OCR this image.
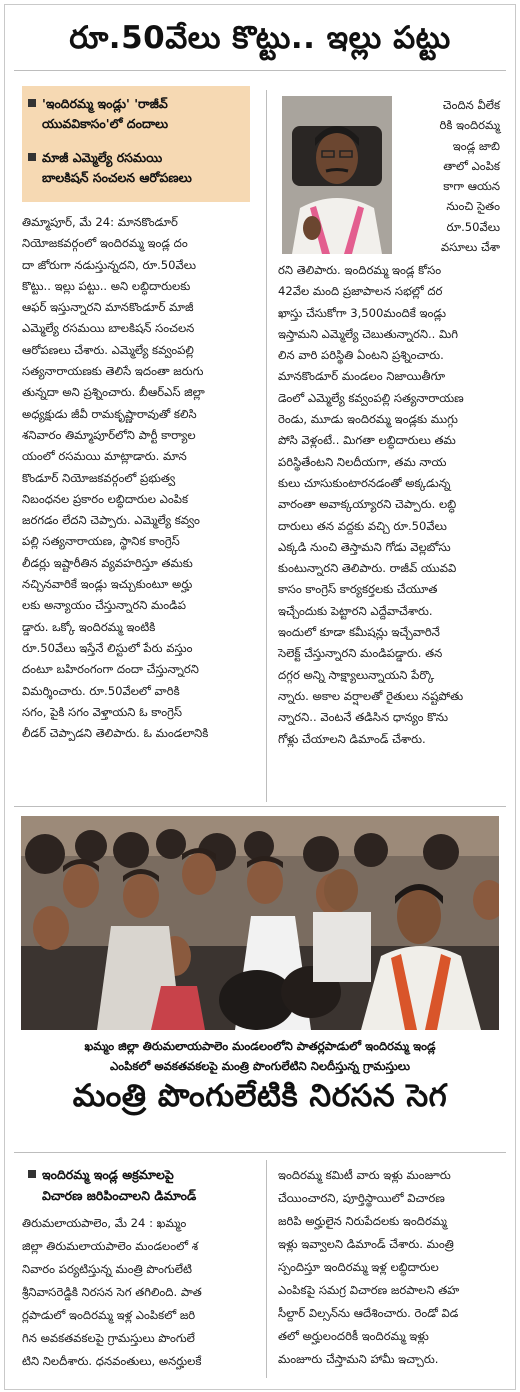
రూ.50వేలు కొట్టు.. ఇల్లు పట్టు
'ఇందిరమ్మ ఇండ్లు' 'రాజీవ్
యువవికాసం'లో దందాలు
మాజీ ఎమ్మెల్యే రసమయి
బాలకిషన్ సంచలన ఆరోపణలు
తిమ్మాపూర్, మే 24: మానకొండూర్
నియోజకవర్గంలో ఇందిరమ్మ ఇండ్ల దం
దా జోరుగా నడుస్తున్నదని, రూ.50వేలు
కొట్టు.. ఇల్లు పట్టు.. అని లబ్ధిదారులకు
ఆఫర్ ఇస్తున్నారని మానకొండూర్ మాజీ
ఎమ్మెల్యే రసమయి బాలకిషన్ సంచలన
ఆరోపణలు చేశారు. ఎమ్మెల్యే కవ్వంపల్లి
సత్యనారాయణకు తెలిసే ఇదంతా జరుగు
తున్నదా అని ప్రశ్నించారు. బీఆర్ఎస్ జిల్లా
అధ్యక్షుడు జీవీ రామకృష్ణారావుతో కలిసి
శనివారం తిమ్మాపూర్‌లోని పార్టీ కార్యాల
యంలో రసమయి మాట్లాడారు. మాన
కొండూర్ నియోజకవర్గంలో ప్రభుత్వ
నిబంధనల ప్రకారం లబ్ధిదారుల ఎంపిక
జరగడం లేదని చెప్పారు. ఎమ్మెల్యే కవ్వం
పల్లి సత్యనారాయణ, స్థానిక కాంగ్రెస్
లీడర్లు ఇష్టారీతిన వ్యవహరిస్తూ తమకు
నచ్చినవారికే ఇండ్లు ఇచ్చుకుంటూ అర్హు
లకు అన్యాయం చేస్తున్నారని మండిప
డ్డారు. ఒక్కో ఇందిరమ్మ ఇంటికి
రూ.50వేలు ఇస్తేనే లిస్టులో పేరు వస్తుం
దంటూ బహిరంగంగా దందా చేస్తున్నారని
విమర్శించారు. రూ.50వేలలో వారికి
సగం, పైకి సగం వెళ్తాయని ఓ కాంగ్రెస్
లీడర్ చెప్పాడని తెలిపారు. ఓ మండలానికి
చెందిన వీలేక
రికి ఇందిరమ్మ
ఇండ్ల జాబి
తాలో ఎంపిక
కాగా ఆయన
నుంచి సైతం
రూ.50వేలు
వసూలు చేశా
రని తెలిపారు. ఇందిరమ్మ ఇండ్ల కోసం
42వేల మంది ప్రజాపాలన సభల్లో దర
ఖాస్తు చేసుకోగా 3,500మందికే ఇండ్లు
ఇస్తామని ఎమ్మెల్యే చెబుతున్నారని.. మిగి
లిన వారి పరిస్థితి ఏంటని ప్రశ్నించారు.
మానకొండూర్ మండలం నిజాయితీగూ
డెంలో ఎమ్మెల్యే కవ్వంపల్లి సత్యనారాయణ
రెండు, మూడు ఇందిరమ్మ ఇండ్లకు ముగ్గు
పోసి వెళ్లంటే.. మిగతా లబ్ధిదారులు తమ
పరిస్థితేంటని నిలదీయగా, తమ నాయ
కులు చూసుకుంటారనడంతో అక్కడున్న
వారంతా అవాక్కయ్యారని చెప్పారు. లబ్ధి
దారులు తన వద్దకు వచ్చి రూ.50వేలు
ఎక్కడి నుంచి తెస్తామని గోడు వెల్లబోసు
కుంటున్నారని తెలిపారు. రాజీవ్ యువవి
కాసం కాంగ్రెస్ కార్యకర్తలకు చేయూత
ఇచ్చేందుకు పెట్టారని ఎద్దేవాచేశారు.
ఇందులో కూడా కమీషన్లు ఇచ్చేవారినే
సెలెక్ట్ చేస్తున్నారని మండిపడ్డారు. తన
దగ్గర అన్ని సాక్ష్యాలున్నాయని పేర్కొ
న్నారు. అకాల వర్షాలతో రైతులు నష్టపోతు
న్నారని.. వెంటనే తడిసిన ధాన్యం కొను
గోళ్లు చేయాలని డిమాండ్ చేశారు.
ఖమ్మం జిల్లా తిరుమలాయపాలెం మండలంలోని పాతర్లపాడులో ఇందిరమ్మ ఇండ్ల
ఎంపికలో అవకతవకలపై మంత్రి పొంగులేటిని నిలదీస్తున్న గ్రామస్తులు
మంత్రి పొంగులేటికి నిరసన సెగ
ఇందిరమ్మ ఇండ్ల అక్రమాలపై
విచారణ జరిపించాలని డిమాండ్
తిరుమలాయపాలెం, మే 24 : ఖమ్మం
జిల్లా తిరుమలాయపాలెం మండలంలో శ
నివారం పర్యటిస్తున్న మంత్రి పొంగులేటి
శ్రీనివాసరెడ్డికి నిరసన సెగ తగిలింది. పాత
ర్లపాడులో ఇందిరమ్మ ఇళ్ల ఎంపికలో జరి
గిన అవకతవకలపై గ్రామస్తులు పొంగులే
టిని నిలదీశారు. ధనవంతులు, అనర్హులకే
ఇందిరమ్మ కమిటీ వారు ఇళ్లు మంజూరు
చేయించారని, పూర్తిస్థాయిలో విచారణ
జరిపి అర్హులైన నిరుపేదలకు ఇందిరమ్మ
ఇళ్లు ఇవ్వాలని డిమాండ్ చేశారు. మంత్రి
స్పందిస్తూ ఇందిరమ్మ ఇళ్ల లబ్ధిదారుల
ఎంపికపై సమగ్ర విచారణ జరపాలని తహ
సీల్దార్ విల్సన్‌ను ఆదేశించారు. రెండో విడ
తలో అర్హులందరికీ ఇందిరమ్మ ఇళ్లు
మంజూరు చేస్తామని హామీ ఇచ్చారు.
